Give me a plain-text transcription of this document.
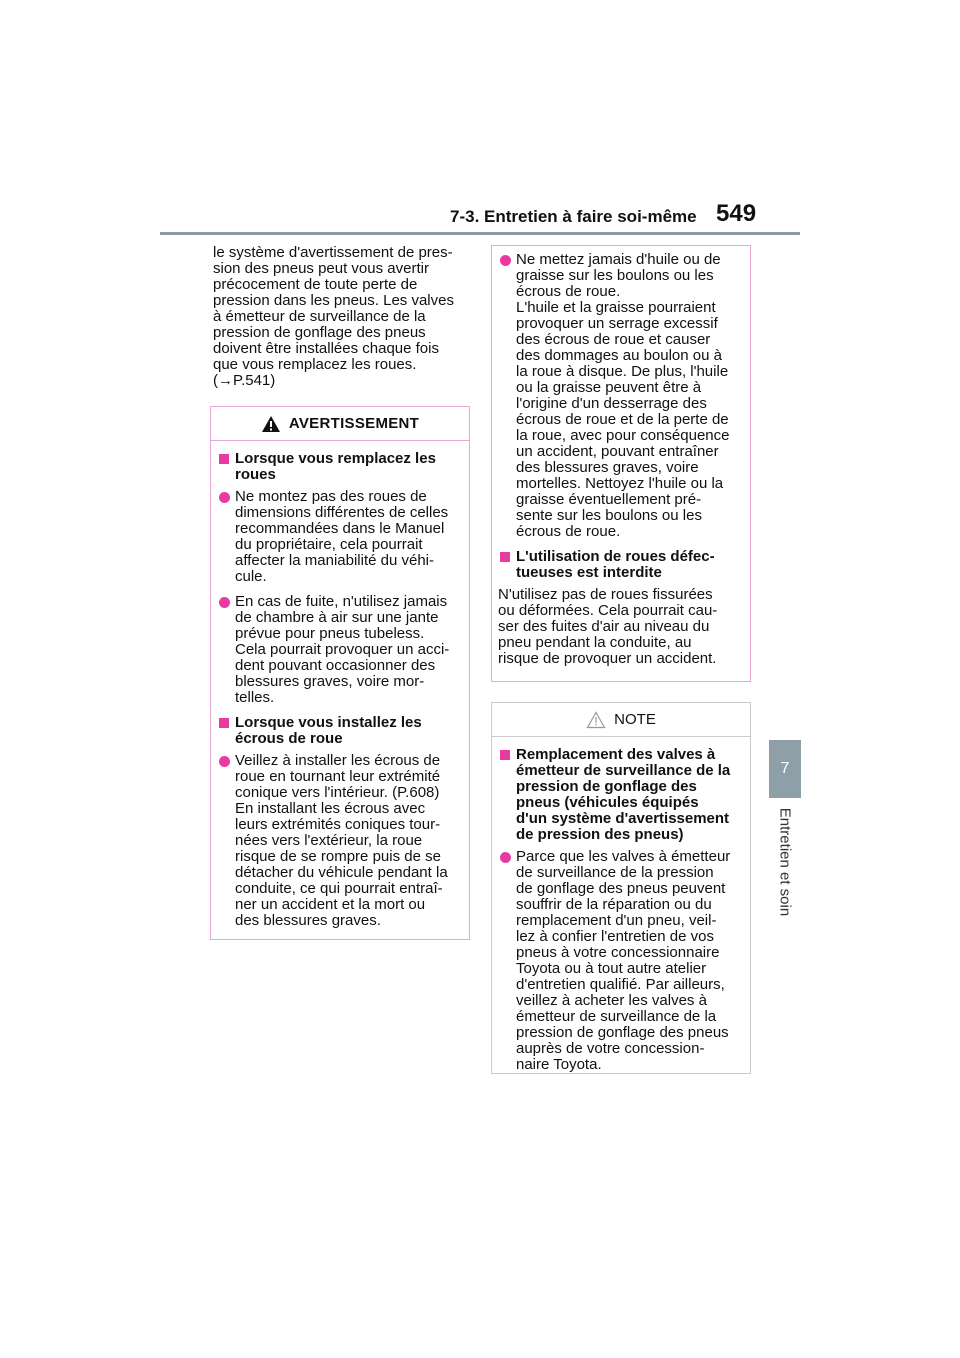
7-3. Entretien à faire soi-même 549
7
Entretien et soin
le système d'avertissement de pres-
sion des pneus peut vous avertir
précocement de toute perte de
pression dans les pneus. Les valves
à émetteur de surveillance de la
pression de gonflage des pneus
doivent être installées chaque fois
que vous remplacez les roues.
(→P.541)
AVERTISSEMENT
Lorsque vous remplacez les
roues
Ne montez pas des roues de
dimensions différentes de celles
recommandées dans le Manuel
du propriétaire, cela pourrait
affecter la maniabilité du véhi-
cule.
En cas de fuite, n'utilisez jamais
de chambre à air sur une jante
prévue pour pneus tubeless.
Cela pourrait provoquer un acci-
dent pouvant occasionner des
blessures graves, voire mor-
telles.
Lorsque vous installez les
écrous de roue
Veillez à installer les écrous de
roue en tournant leur extrémité
conique vers l'intérieur. (P.608)
En installant les écrous avec
leurs extrémités coniques tour-
nées vers l'extérieur, la roue
risque de se rompre puis de se
détacher du véhicule pendant la
conduite, ce qui pourrait entraî-
ner un accident et la mort ou
des blessures graves.
Ne mettez jamais d'huile ou de
graisse sur les boulons ou les
écrous de roue.
L'huile et la graisse pourraient
provoquer un serrage excessif
des écrous de roue et causer
des dommages au boulon ou à
la roue à disque. De plus, l'huile
ou la graisse peuvent être à
l'origine d'un desserrage des
écrous de roue et de la perte de
la roue, avec pour conséquence
un accident, pouvant entraîner
des blessures graves, voire
mortelles. Nettoyez l'huile ou la
graisse éventuellement pré-
sente sur les boulons ou les
écrous de roue.
L'utilisation de roues défec-
tueuses est interdite
N'utilisez pas de roues fissurées
ou déformées. Cela pourrait cau-
ser des fuites d'air au niveau du
pneu pendant la conduite, au
risque de provoquer un accident.
NOTE
Remplacement des valves à
émetteur de surveillance de la
pression de gonflage des
pneus (véhicules équipés
d'un système d'avertissement
de pression des pneus)
Parce que les valves à émetteur
de surveillance de la pression
de gonflage des pneus peuvent
souffrir de la réparation ou du
remplacement d'un pneu, veil-
lez à confier l'entretien de vos
pneus à votre concessionnaire
Toyota ou à tout autre atelier
d'entretien qualifié. Par ailleurs,
veillez à acheter les valves à
émetteur de surveillance de la
pression de gonflage des pneus
auprès de votre concession-
naire Toyota.
